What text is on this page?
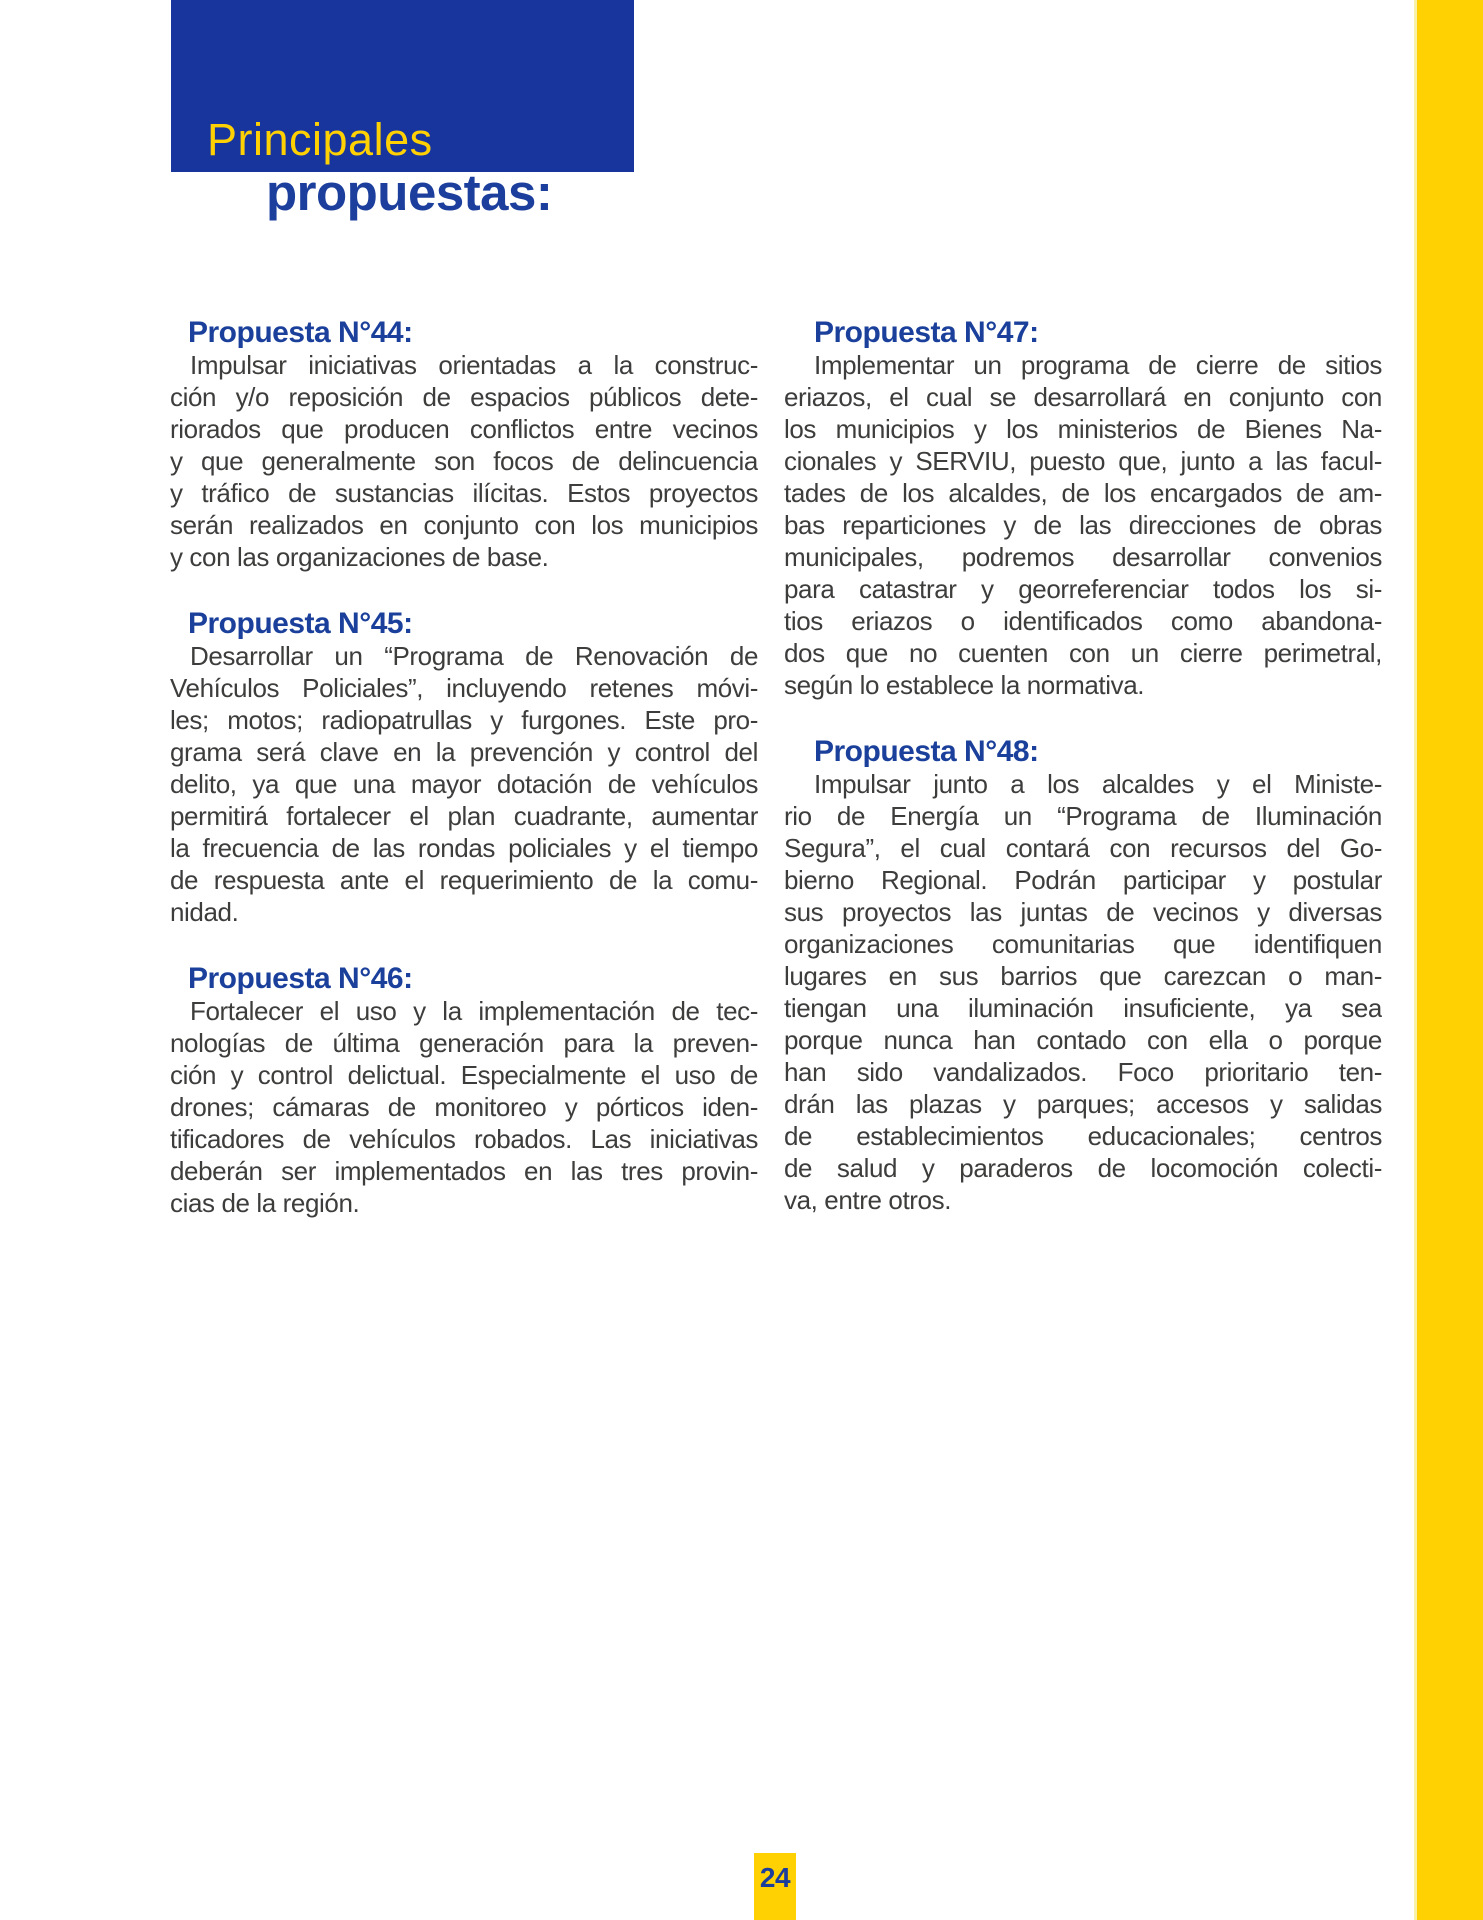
Principales
propuestas:
Propuesta N°44:
Impulsar iniciativas orientadas a la construc-
ción y/o reposición de espacios públicos dete-
riorados que producen conflictos entre vecinos
y que generalmente son focos de delincuencia
y tráfico de sustancias ilícitas. Estos proyectos
serán realizados en conjunto con los municipios
y con las organizaciones de base.
Propuesta N°45:
Desarrollar un “Programa de Renovación de
Vehículos Policiales”, incluyendo retenes móvi-
les; motos; radiopatrullas y furgones. Este pro-
grama será clave en la prevención y control del
delito, ya que una mayor dotación de vehículos
permitirá fortalecer el plan cuadrante, aumentar
la frecuencia de las rondas policiales y el tiempo
de respuesta ante el requerimiento de la comu-
nidad.
Propuesta N°46:
Fortalecer el uso y la implementación de tec-
nologías de última generación para la preven-
ción y control delictual. Especialmente el uso de
drones; cámaras de monitoreo y pórticos iden-
tificadores de vehículos robados. Las iniciativas
deberán ser implementados en las tres provin-
cias de la región.
Propuesta N°47:
Implementar un programa de cierre de sitios
eriazos, el cual se desarrollará en conjunto con
los municipios y los ministerios de Bienes Na-
cionales y SERVIU, puesto que, junto a las facul-
tades de los alcaldes, de los encargados de am-
bas reparticiones y de las direcciones de obras
municipales, podremos desarrollar convenios
para catastrar y georreferenciar todos los si-
tios eriazos o identificados como abandona-
dos que no cuenten con un cierre perimetral,
según lo establece la normativa.
Propuesta N°48:
Impulsar junto a los alcaldes y el Ministe-
rio de Energía un “Programa de Iluminación
Segura”, el cual contará con recursos del Go-
bierno Regional. Podrán participar y postular
sus proyectos las juntas de vecinos y diversas
organizaciones comunitarias que identifiquen
lugares en sus barrios que carezcan o man-
tiengan una iluminación insuficiente, ya sea
porque nunca han contado con ella o porque
han sido vandalizados. Foco prioritario ten-
drán las plazas y parques; accesos y salidas
de establecimientos educacionales; centros
de salud y paraderos de locomoción colecti-
va, entre otros.
24
